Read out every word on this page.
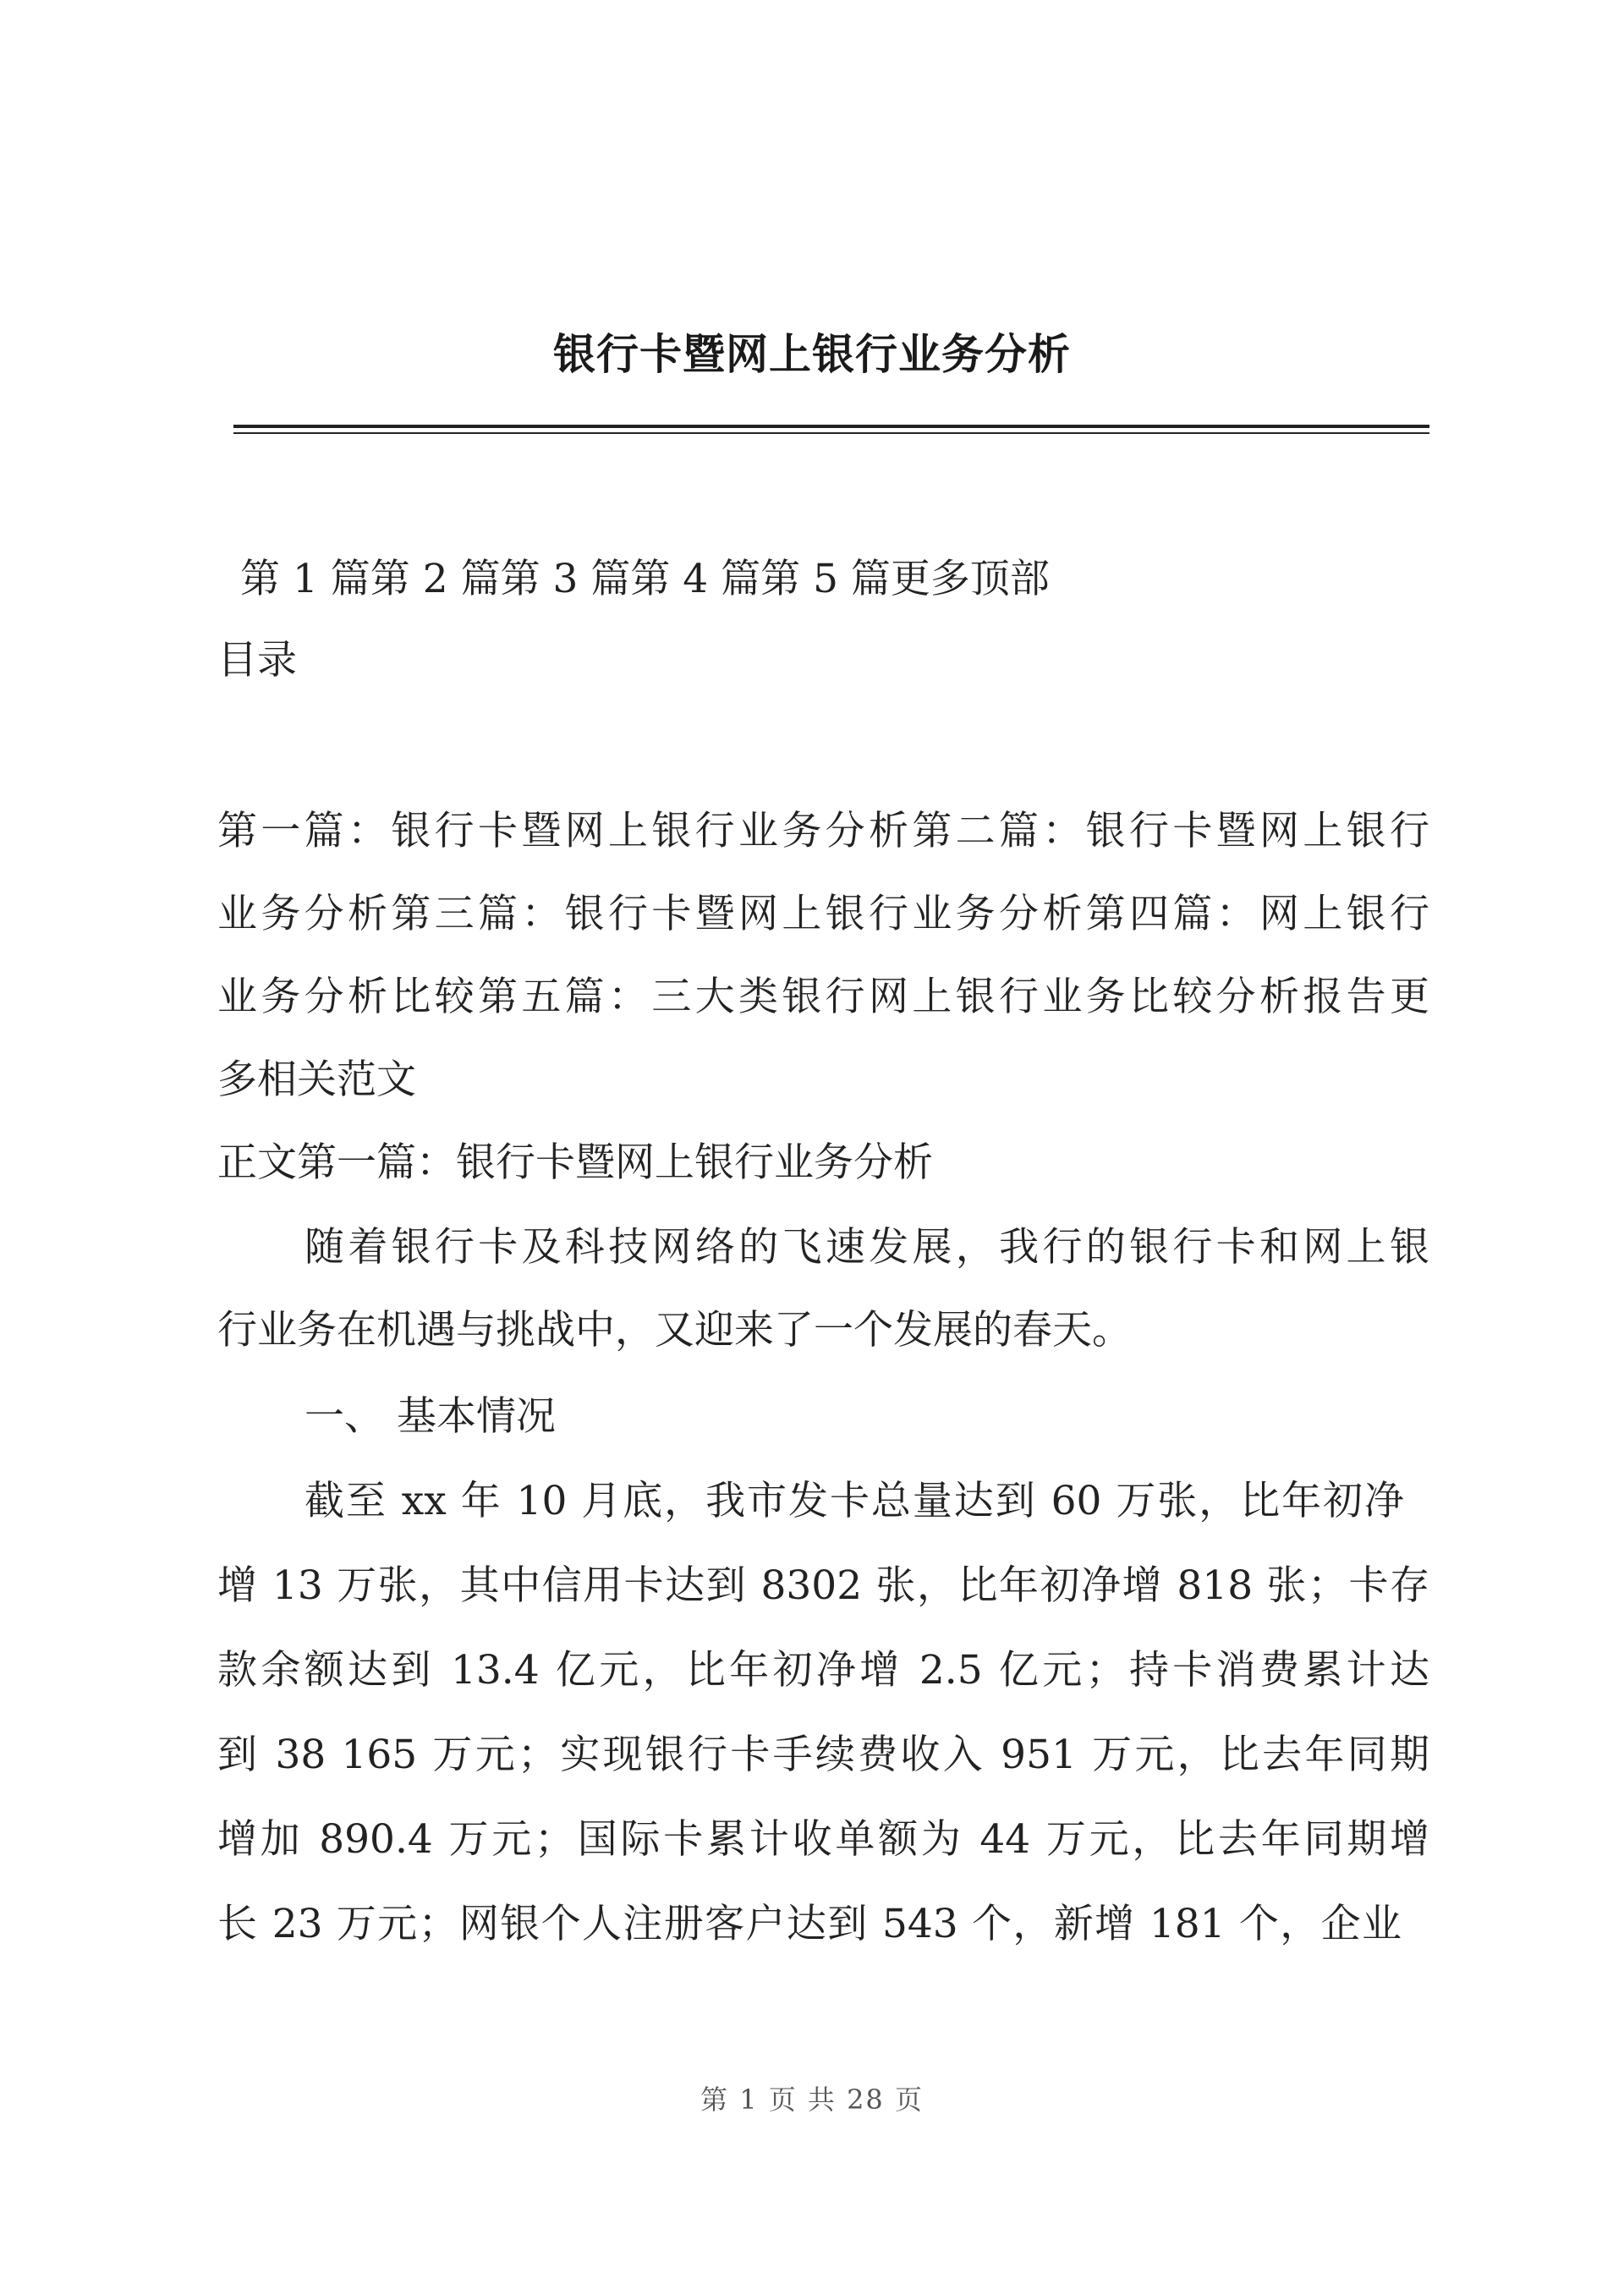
银行卡暨网上银行业务分析
第 1 篇第 2 篇第 3 篇第 4 篇第 5 篇更多顶部
目录
第一篇：银行卡暨网上银行业务分析第二篇：银行卡暨网上银行
业务分析第三篇：银行卡暨网上银行业务分析第四篇：网上银行
业务分析比较第五篇：三大类银行网上银行业务比较分析报告更
多相关范文
正文第一篇：银行卡暨网上银行业务分析
随着银行卡及科技网络的飞速发展，我行的银行卡和网上银
行业务在机遇与挑战中，又迎来了一个发展的春天。
一、 基本情况
截至 xx 年 10 月底，我市发卡总量达到 60 万张，比年初净
增 13 万张，其中信用卡达到 8302 张，比年初净增 818 张；卡存
款余额达到 13.4 亿元，比年初净增 2.5 亿元；持卡消费累计达
到 38 165 万元；实现银行卡手续费收入 951 万元，比去年同期
增加 890.4 万元；国际卡累计收单额为 44 万元，比去年同期增
长 23 万元；网银个人注册客户达到 543 个，新增 181 个，企业
第 1 页 共 28 页
